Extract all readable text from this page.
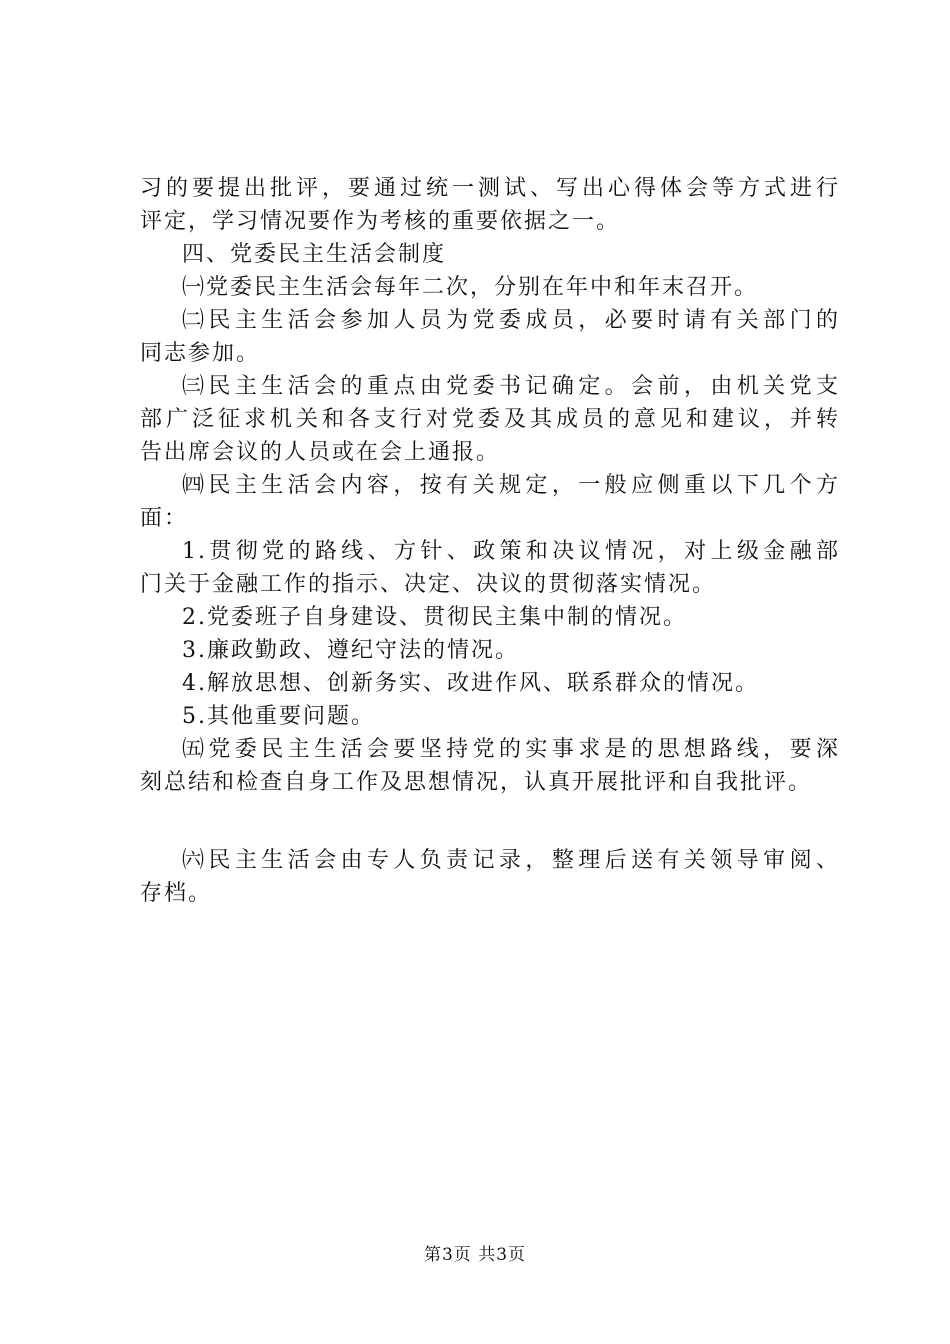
习的要提出批评，要通过统一测试、写出心得体会等方式进行
评定，学习情况要作为考核的重要依据之一。
四、党委民主生活会制度
㈠党委民主生活会每年二次，分别在年中和年末召开。
㈡民主生活会参加人员为党委成员，必要时请有关部门的
同志参加。
㈢民主生活会的重点由党委书记确定。会前，由机关党支
部广泛征求机关和各支行对党委及其成员的意见和建议，并转
告出席会议的人员或在会上通报。
㈣民主生活会内容，按有关规定，一般应侧重以下几个方
面：
1.贯彻党的路线、方针、政策和决议情况，对上级金融部
门关于金融工作的指示、决定、决议的贯彻落实情况。
2.党委班子自身建设、贯彻民主集中制的情况。
3.廉政勤政、遵纪守法的情况。
4.解放思想、创新务实、改进作风、联系群众的情况。
5.其他重要问题。
㈤党委民主生活会要坚持党的实事求是的思想路线，要深
刻总结和检查自身工作及思想情况，认真开展批评和自我批评。
㈥民主生活会由专人负责记录，整理后送有关领导审阅、
存档。
第3页 共3页
